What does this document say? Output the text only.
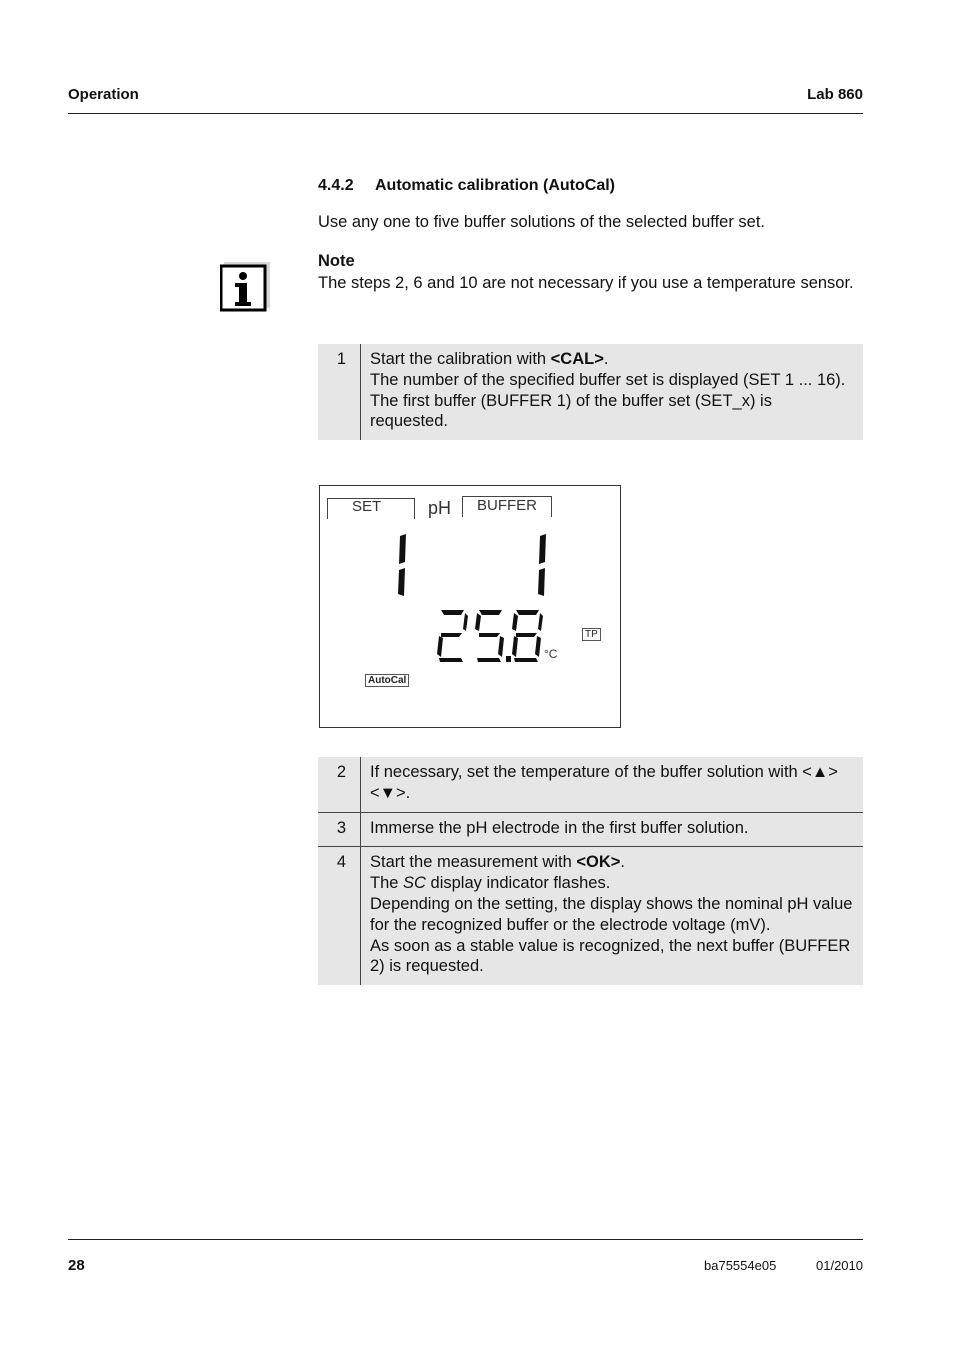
Operation	Lab 860
4.4.2 Automatic calibration (AutoCal)
Use any one to five buffer solutions of the selected buffer set.
Note
The steps 2, 6 and 10 are not necessary if you use a temperature sensor.
1	Start the calibration with <CAL>.
The number of the specified buffer set is displayed (SET 1 ... 16).
The first buffer (BUFFER 1) of the buffer set (SET_x) is requested.
SET	pH BUFFER
°C
TP
AutoCal
2	If necessary, set the temperature of the buffer solution with <▲><▼>.
3	Immerse the pH electrode in the first buffer solution.
4	Start the measurement with <OK>.
The SC display indicator flashes.
Depending on the setting, the display shows the nominal pH value for the recognized buffer or the electrode voltage (mV).
As soon as a stable value is recognized, the next buffer (BUFFER 2) is requested.
28	ba75554e05	01/2010
